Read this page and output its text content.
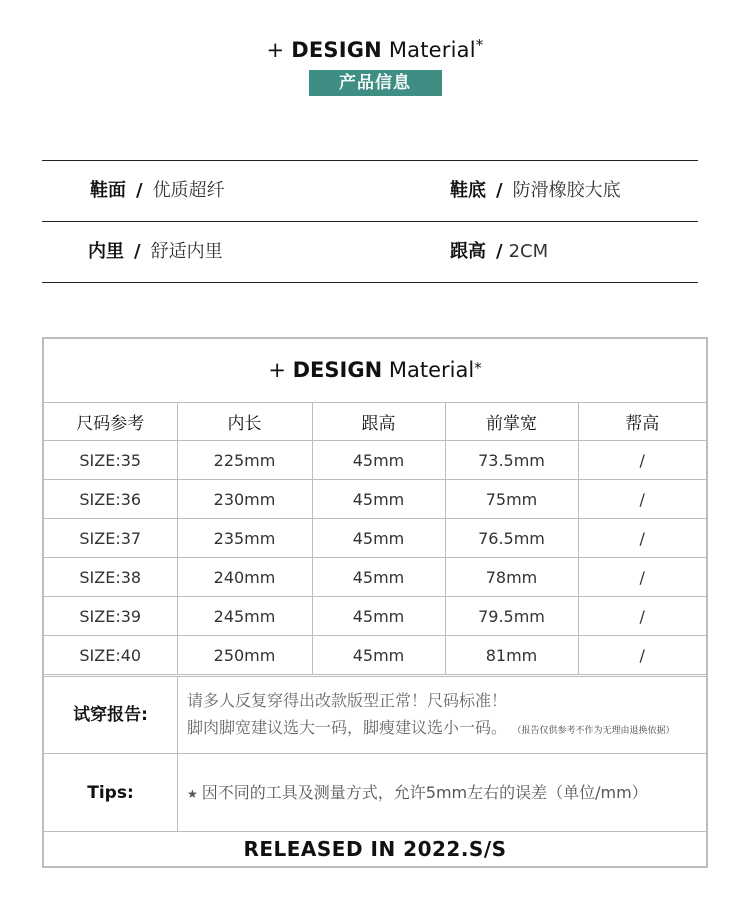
+ DESIGN Material*
产品信息
鞋面 / 优质超纤	鞋底 / 防滑橡胶大底
内里 / 舒适内里	跟高 / 2CM
+ DESIGN Material*
尺码参考	内长	跟高	前掌宽	帮高
SIZE:35	225mm	45mm	73.5mm	/
SIZE:36	230mm	45mm	75mm	/
SIZE:37	235mm	45mm	76.5mm	/
SIZE:38	240mm	45mm	78mm	/
SIZE:39	245mm	45mm	79.5mm	/
SIZE:40	250mm	45mm	81mm	/
试穿报告:
请多人反复穿得出改款版型正常！尺码标准！
脚肉脚宽建议选大一码，脚瘦建议选小一码。 （报告仅供参考不作为无理由退换依据）
Tips:	★ 因不同的工具及测量方式，允许5mm左右的误差（单位/mm）
RELEASED IN 2022.S/S
